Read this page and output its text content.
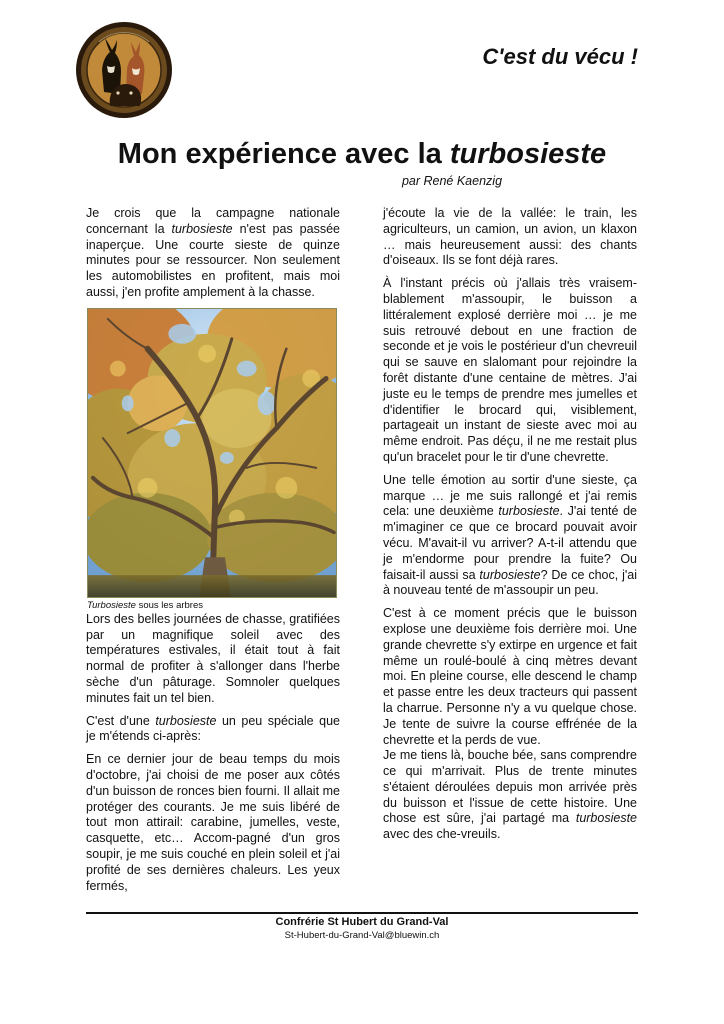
C'est du vécu !
Mon expérience avec la turbosieste
par René Kaenzig

Je crois que la campagne nationale concernant la turbosieste n'est pas passée inaperçue. Une courte sieste de quinze minutes pour se ressourcer. Non seulement les automobilistes en profitent, mais moi aussi, j'en profite amplement à la chasse.

Turbosieste sous les arbres

Lors des belles journées de chasse, gratifiées par un magnifique soleil avec des températures estivales, il était tout à fait normal de profiter à s'allonger dans l'herbe sèche d'un pâturage. Somnoler quelques minutes fait un tel bien.

C'est d'une turbosieste un peu spéciale que je m'étends ci-après:

En ce dernier jour de beau temps du mois d'octobre, j'ai choisi de me poser aux côtés d'un buisson de ronces bien fourni. Il allait me protéger des courants. Je me suis libéré de tout mon attirail: carabine, jumelles, veste, casquette, etc… Accom-pagné d'un gros soupir, je me suis couché en plein soleil et j'ai profité de ses dernières chaleurs. Les yeux fermés,

j'écoute la vie de la vallée: le train, les agriculteurs, un camion, un avion, un klaxon … mais heureusement aussi: des chants d'oiseaux. Ils se font déjà rares.

À l'instant précis où j'allais très vraisem-blablement m'assoupir, le buisson a littéralement explosé derrière moi … je me suis retrouvé debout en une fraction de seconde et je vois le postérieur d'un chevreuil qui se sauve en slalomant pour rejoindre la forêt distante d'une centaine de mètres. J'ai juste eu le temps de prendre mes jumelles et d'identifier le brocard qui, visiblement, partageait un instant de sieste avec moi au même endroit. Pas déçu, il ne me restait plus qu'un bracelet pour le tir d'une chevrette.

Une telle émotion au sortir d'une sieste, ça marque … je me suis rallongé et j'ai remis cela: une deuxième turbosieste. J'ai tenté de m'imaginer ce que ce brocard pouvait avoir vécu. M'avait-il vu arriver? A-t-il attendu que je m'endorme pour prendre la fuite? Ou faisait-il aussi sa turbosieste? De ce choc, j'ai à nouveau tenté de m'assoupir un peu.

C'est à ce moment précis que le buisson explose une deuxième fois derrière moi. Une grande chevrette s'y extirpe en urgence et fait même un roulé-boulé à cinq mètres devant moi. En pleine course, elle descend le champ et passe entre les deux tracteurs qui passent la charrue. Personne n'y a vu quelque chose. Je tente de suivre la course effrénée de la chevrette et la perds de vue.

Je me tiens là, bouche bée, sans comprendre ce qui m'arrivait. Plus de trente minutes s'étaient déroulées depuis mon arrivée près du buisson et l'issue de cette histoire. Une chose est sûre, j'ai partagé ma turbosieste avec des che-vreuils.

Confrérie St Hubert du Grand-Val
St-Hubert-du-Grand-Val@bluewin.ch
